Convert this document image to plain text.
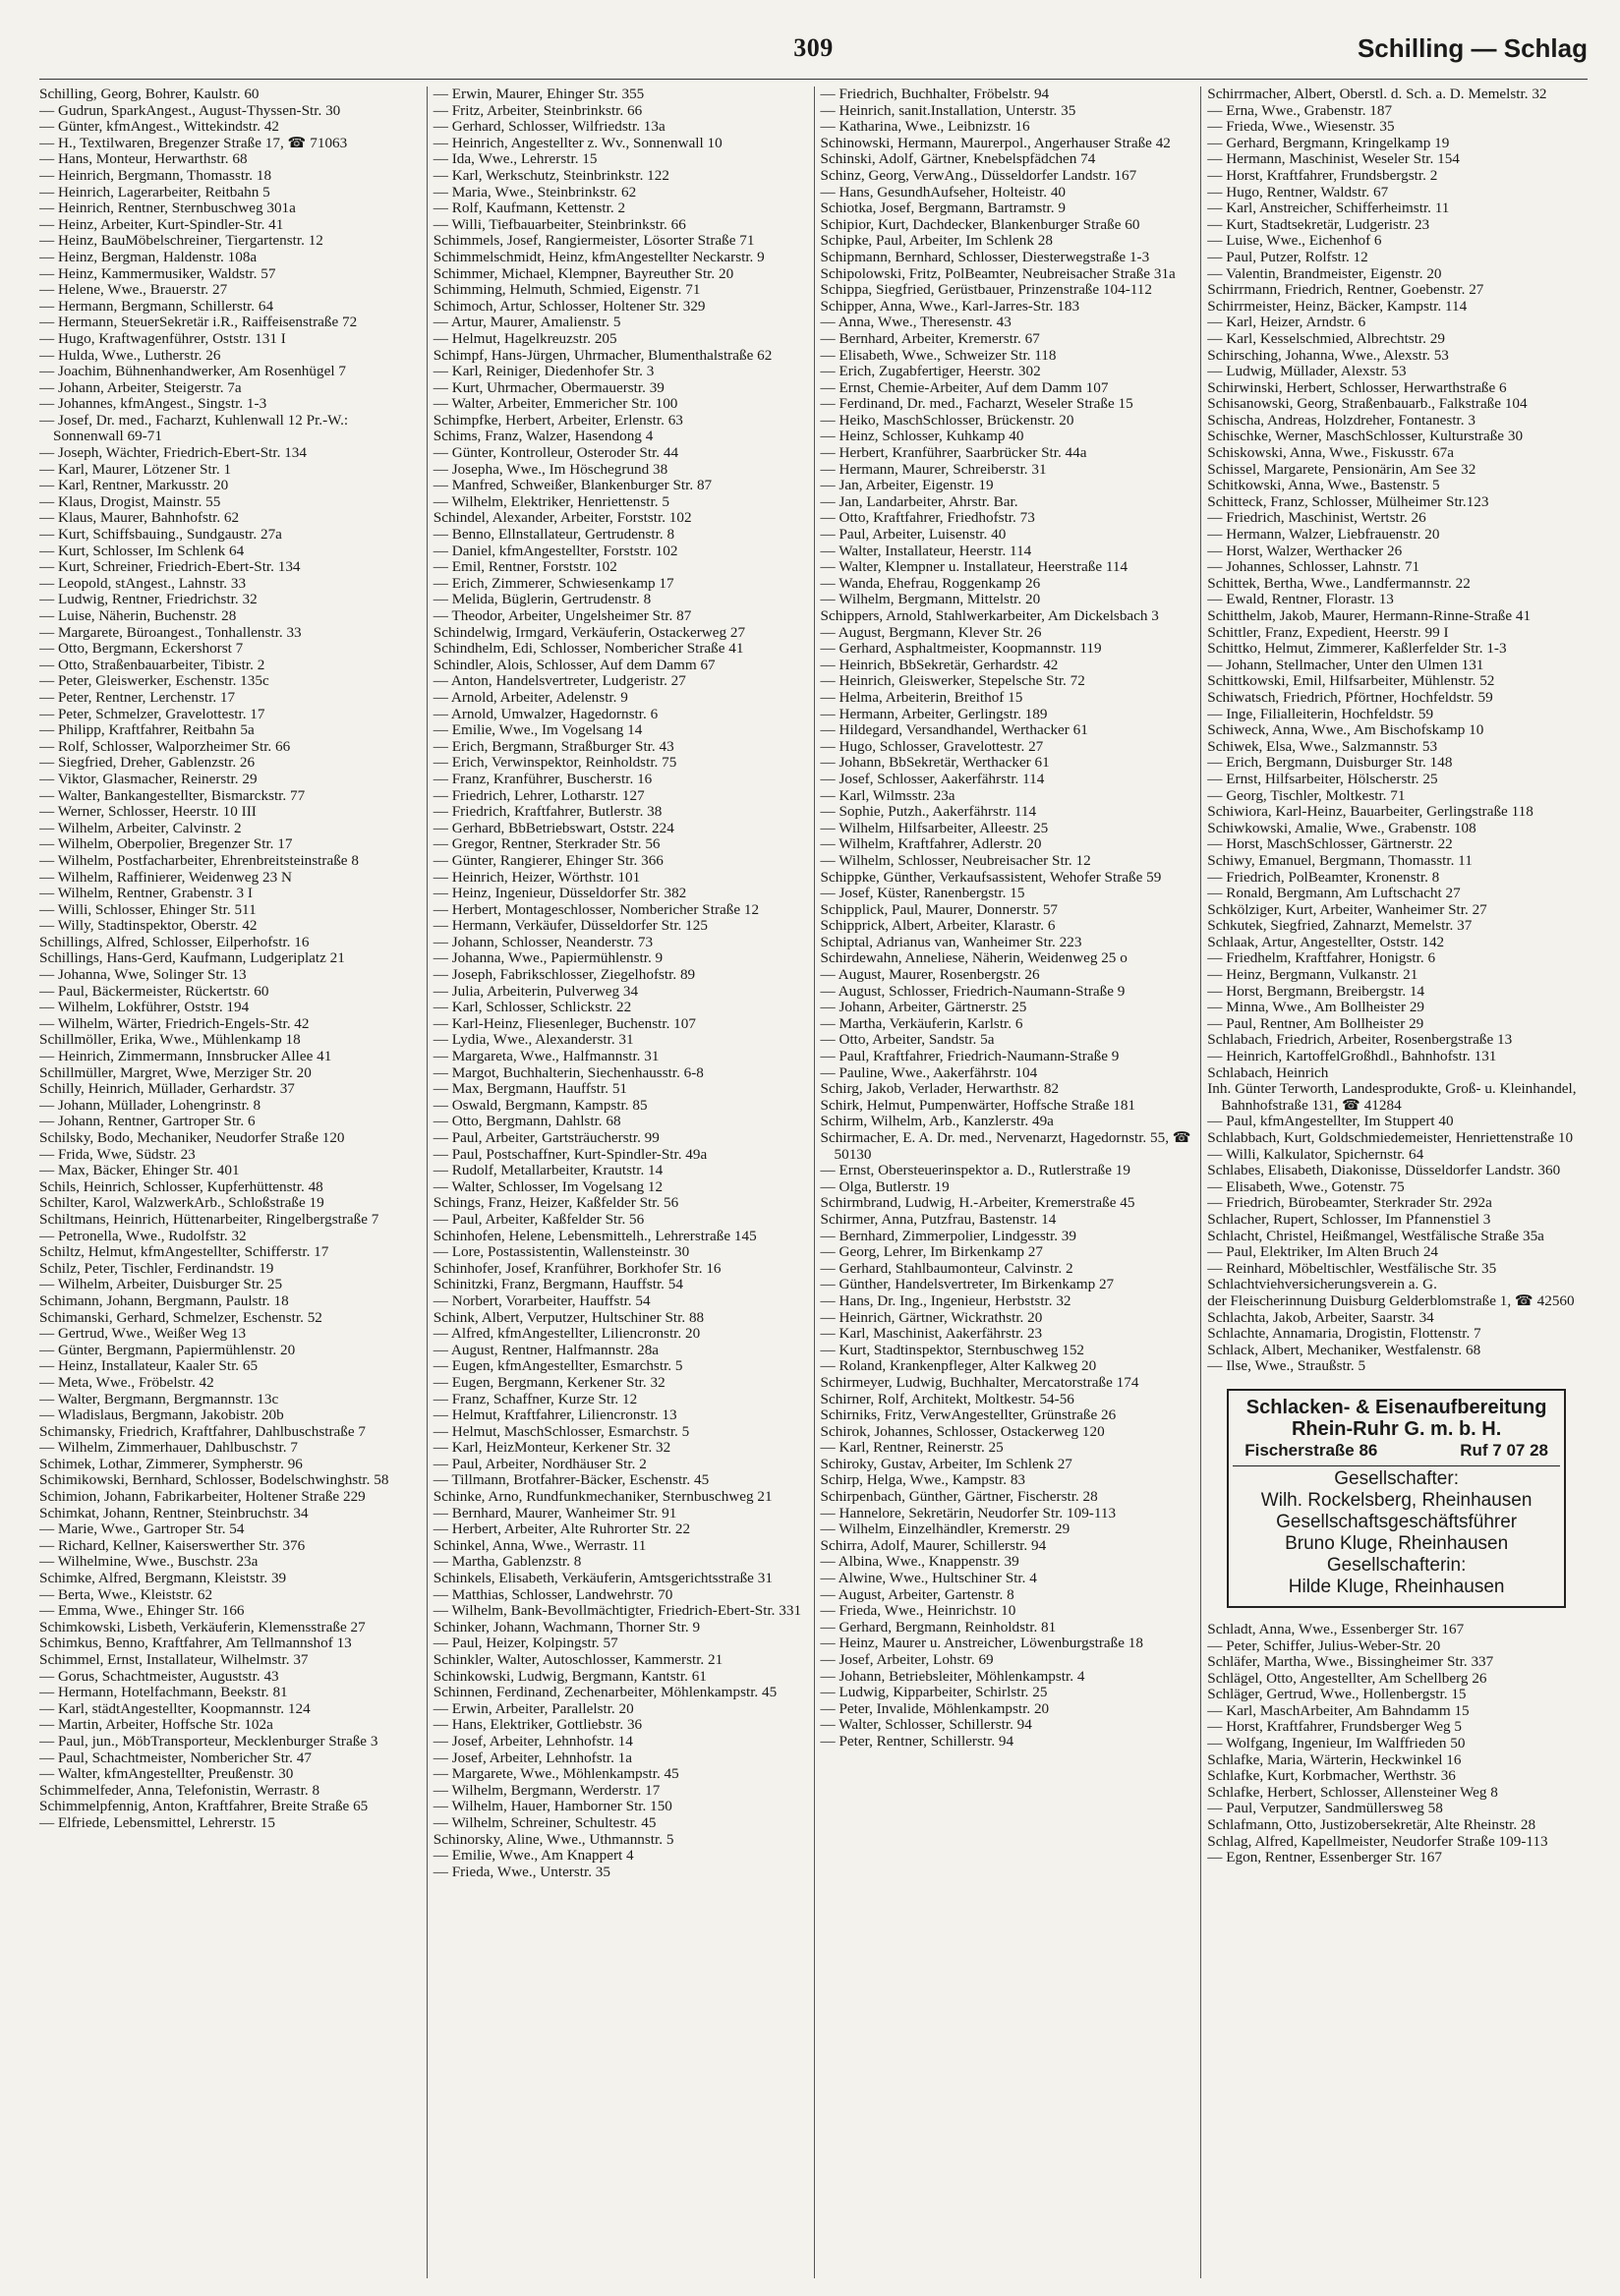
309	Schilling — Schlag
Schilling, Georg, Bohrer, Kaulstr. 60
— Gudrun, SparkAngest., August-Thyssen-Str. 30
— Günter, kfmAngest., Wittekindstr. 42
— H., Textilwaren, Bregenzer Straße 17, ☎ 71063
— Hans, Monteur, Herwarthstr. 68
— Heinrich, Bergmann, Thomasstr. 18
— Heinrich, Lagerarbeiter, Reitbahn 5
— Heinrich, Rentner, Sternbuschweg 301a
— Heinz, Arbeiter, Kurt-Spindler-Str. 41
— Heinz, BauMöbelschreiner, Tiergartenstr. 12
— Heinz, Bergman, Haldenstr. 108a
— Heinz, Kammermusiker, Waldstr. 57
— Helene, Wwe., Brauerstr. 27
— Hermann, Bergmann, Schillerstr. 64
— Hermann, SteuerSekretär i.R., Raiffeisenstraße 72
— Hugo, Kraftwagenführer, Oststr. 131 I
— Hulda, Wwe., Lutherstr. 26
— Joachim, Bühnenhandwerker, Am Rosenhügel 7
— Johann, Arbeiter, Steigerstr. 7a
— Johannes, kfmAngest., Singstr. 1-3
— Josef, Dr. med., Facharzt, Kuhlenwall 12 Pr.-W.: Sonnenwall 69-71
— Joseph, Wächter, Friedrich-Ebert-Str. 134
— Karl, Maurer, Lötzener Str. 1
— Karl, Rentner, Markusstr. 20
— Klaus, Drogist, Mainstr. 55
— Klaus, Maurer, Bahnhofstr. 62
— Kurt, Schiffsbauing., Sundgaustr. 27a
— Kurt, Schlosser, Im Schlenk 64
— Kurt, Schreiner, Friedrich-Ebert-Str. 134
— Leopold, stAngest., Lahnstr. 33
— Ludwig, Rentner, Friedrichstr. 32
— Luise, Näherin, Buchenstr. 28
— Margarete, Büroangest., Tonhallenstr. 33
— Otto, Bergmann, Eckershorst 7
— Otto, Straßenbauarbeiter, Tibistr. 2
— Peter, Gleiswerker, Eschenstr. 135c
— Peter, Rentner, Lerchenstr. 17
— Peter, Schmelzer, Gravelottestr. 17
— Philipp, Kraftfahrer, Reitbahn 5a
— Rolf, Schlosser, Walporzheimer Str. 66
— Siegfried, Dreher, Gablenzstr. 26
— Viktor, Glasmacher, Reinerstr. 29
— Walter, Bankangestellter, Bismarckstr. 77
— Werner, Schlosser, Heerstr. 10 III
— Wilhelm, Arbeiter, Calvinstr. 2
— Wilhelm, Oberpolier, Bregenzer Str. 17
— Wilhelm, Postfacharbeiter, Ehrenbreitsteinstraße 8
— Wilhelm, Raffinierer, Weidenweg 23 N
— Wilhelm, Rentner, Grabenstr. 3 I
— Willi, Schlosser, Ehinger Str. 511
— Willy, Stadtinspektor, Oberstr. 42
Schillings, Alfred, Schlosser, Eilperhofstr. 16
Schillings, Hans-Gerd, Kaufmann, Ludgeriplatz 21
— Johanna, Wwe, Solinger Str. 13
— Paul, Bäckermeister, Rückertstr. 60
— Wilhelm, Lokführer, Oststr. 194
— Wilhelm, Wärter, Friedrich-Engels-Str. 42
Schillmöller, Erika, Wwe., Mühlenkamp 18
— Heinrich, Zimmermann, Innsbrucker Allee 41
Schillmüller, Margret, Wwe, Merziger Str. 20
Schilly, Heinrich, Müllader, Gerhardstr. 37
— Johann, Müllader, Lohengrinstr. 8
— Johann, Rentner, Gartroper Str. 6
Schilsky, Bodo, Mechaniker, Neudorfer Straße 120
— Frida, Wwe, Südstr. 23
— Max, Bäcker, Ehinger Str. 401
Schils, Heinrich, Schlosser, Kupferhüttenstr. 48
Schilter, Karol, WalzwerkArb., Schloßstraße 19
Schiltmans, Heinrich, Hüttenarbeiter, Ringelbergstraße 7
— Petronella, Wwe., Rudolfstr. 32
Schiltz, Helmut, kfmAngestellter, Schifferstr. 17
Schilz, Peter, Tischler, Ferdinandstr. 19
— Wilhelm, Arbeiter, Duisburger Str. 25
Schimann, Johann, Bergmann, Paulstr. 18
Schimanski, Gerhard, Schmelzer, Eschenstr. 52
— Gertrud, Wwe., Weißer Weg 13
— Günter, Bergmann, Papiermühlenstr. 20
— Heinz, Installateur, Kaaler Str. 65
— Meta, Wwe., Fröbelstr. 42
— Walter, Bergmann, Bergmannstr. 13c
— Wladislaus, Bergmann, Jakobistr. 20b
Schimansky, Friedrich, Kraftfahrer, Dahlbuschstraße 7
— Wilhelm, Zimmerhauer, Dahlbuschstr. 7
Schimek, Lothar, Zimmerer, Sympherstr. 96
Schimikowski, Bernhard, Schlosser, Bodelschwinghstr. 58
Schimion, Johann, Fabrikarbeiter, Holtener Straße 229
Schimkat, Johann, Rentner, Steinbruchstr. 34
— Marie, Wwe., Gartroper Str. 54
— Richard, Kellner, Kaiserswerther Str. 376
— Wilhelmine, Wwe., Buschstr. 23a
Schimke, Alfred, Bergmann, Kleiststr. 39
— Berta, Wwe., Kleiststr. 62
— Emma, Wwe., Ehinger Str. 166
Schimkowski, Lisbeth, Verkäuferin, Klemensstraße 27
Schimkus, Benno, Kraftfahrer, Am Tellmannshof 13
Schimmel, Ernst, Installateur, Wilhelmstr. 37
— Gorus, Schachtmeister, Auguststr. 43
— Hermann, Hotelfachmann, Beekstr. 81
— Karl, städtAngestellter, Koopmannstr. 124
— Martin, Arbeiter, Hoffsche Str. 102a
— Paul, jun., MöbTransporteur, Mecklenburger Straße 3
— Paul, Schachtmeister, Nombericher Str. 47
— Walter, kfmAngestellter, Preußenstr. 30
Schimmelfeder, Anna, Telefonistin, Werrastr. 8
Schimmelpfennig, Anton, Kraftfahrer, Breite Straße 65
— Elfriede, Lebensmittel, Lehrerstr. 15
— Erwin, Maurer, Ehinger Str. 355
— Fritz, Arbeiter, Steinbrinkstr. 66
— Gerhard, Schlosser, Wilfriedstr. 13a
— Heinrich, Angestellter z. Wv., Sonnenwall 10
— Ida, Wwe., Lehrerstr. 15
— Karl, Werkschutz, Steinbrinkstr. 122
— Maria, Wwe., Steinbrinkstr. 62
— Rolf, Kaufmann, Kettenstr. 2
— Willi, Tiefbauarbeiter, Steinbrinkstr. 66
Schimmels, Josef, Rangiermeister, Lösorter Straße 71
Schimmelschmidt, Heinz, kfmAngestellter Neckarstr. 9
Schimmer, Michael, Klempner, Bayreuther Str. 20
Schimming, Helmuth, Schmied, Eigenstr. 71
Schimoch, Artur, Schlosser, Holtener Str. 329
— Artur, Maurer, Amalienstr. 5
— Helmut, Hagelkreuzstr. 205
Schimpf, Hans-Jürgen, Uhrmacher, Blumenthalstraße 62
— Karl, Reiniger, Diedenhofer Str. 3
— Kurt, Uhrmacher, Obermauerstr. 39
— Walter, Arbeiter, Emmericher Str. 100
Schimpfke, Herbert, Arbeiter, Erlenstr. 63
Schims, Franz, Walzer, Hasendong 4
— Günter, Kontrolleur, Osteroder Str. 44
— Josepha, Wwe., Im Höschegrund 38
— Manfred, Schweißer, Blankenburger Str. 87
— Wilhelm, Elektriker, Henriettenstr. 5
Schindel, Alexander, Arbeiter, Forststr. 102
— Benno, Ellnstallateur, Gertrudenstr. 8
— Daniel, kfmAngestellter, Forststr. 102
— Emil, Rentner, Forststr. 102
— Erich, Zimmerer, Schwiesenkamp 17
— Melida, Büglerin, Gertrudenstr. 8
— Theodor, Arbeiter, Ungelsheimer Str. 87
Schindelwig, Irmgard, Verkäuferin, Ostackerweg 27
Schindhelm, Edi, Schlosser, Nombericher Straße 41
Schindler, Alois, Schlosser, Auf dem Damm 67
— Anton, Handelsvertreter, Ludgeristr. 27
— Arnold, Arbeiter, Adelenstr. 9
— Arnold, Umwalzer, Hagedornstr. 6
— Emilie, Wwe., Im Vogelsang 14
— Erich, Bergmann, Straßburger Str. 43
— Erich, Verwinspektor, Reinholdstr. 75
— Franz, Kranführer, Buscherstr. 16
— Friedrich, Lehrer, Lotharstr. 127
— Friedrich, Kraftfahrer, Butlerstr. 38
— Gerhard, BbBetriebswart, Oststr. 224
— Gregor, Rentner, Sterkrader Str. 56
— Günter, Rangierer, Ehinger Str. 366
— Heinrich, Heizer, Wörthstr. 101
— Heinz, Ingenieur, Düsseldorfer Str. 382
— Herbert, Montageschlosser, Nombericher Straße 12
— Hermann, Verkäufer, Düsseldorfer Str. 125
— Johann, Schlosser, Neanderstr. 73
— Johanna, Wwe., Papiermühlenstr. 9
— Joseph, Fabrikschlosser, Ziegelhofstr. 89
— Julia, Arbeiterin, Pulverweg 34
— Karl, Schlosser, Schlickstr. 22
— Karl-Heinz, Fliesenleger, Buchenstr. 107
— Lydia, Wwe., Alexanderstr. 31
— Margareta, Wwe., Halfmannstr. 31
— Margot, Buchhalterin, Siechenhausstr. 6-8
— Max, Bergmann, Hauffstr. 51
— Oswald, Bergmann, Kampstr. 85
— Otto, Bergmann, Dahlstr. 68
— Paul, Arbeiter, Gartsträucherstr. 99
— Paul, Postschaffner, Kurt-Spindler-Str. 49a
— Rudolf, Metallarbeiter, Krautstr. 14
— Walter, Schlosser, Im Vogelsang 12
Schings, Franz, Heizer, Kaßfelder Str. 56
— Paul, Arbeiter, Kaßfelder Str. 56
Schinhofen, Helene, Lebensmittelh., Lehrerstraße 145
— Lore, Postassistentin, Wallensteinstr. 30
Schinhofer, Josef, Kranführer, Borkhofer Str. 16
Schinitzki, Franz, Bergmann, Hauffstr. 54
— Norbert, Vorarbeiter, Hauffstr. 54
Schink, Albert, Verputzer, Hultschiner Str. 88
— Alfred, kfmAngestellter, Liliencronstr. 20
— August, Rentner, Halfmannstr. 28a
— Eugen, kfmAngestellter, Esmarchstr. 5
— Eugen, Bergmann, Kerkener Str. 32
— Franz, Schaffner, Kurze Str. 12
— Helmut, Kraftfahrer, Liliencronstr. 13
— Helmut, MaschSchlosser, Esmarchstr. 5
— Karl, HeizMonteur, Kerkener Str. 32
— Paul, Arbeiter, Nordhäuser Str. 2
— Tillmann, Brotfahrer-Bäcker, Eschenstr. 45
Schinke, Arno, Rundfunkmechaniker, Sternbuschweg 21
— Bernhard, Maurer, Wanheimer Str. 91
— Herbert, Arbeiter, Alte Ruhrorter Str. 22
Schinkel, Anna, Wwe., Werrastr. 11
— Martha, Gablenzstr. 8
Schinkels, Elisabeth, Verkäuferin, Amtsgerichtsstraße 31
— Matthias, Schlosser, Landwehrstr. 70
— Wilhelm, Bank-Bevollmächtigter, Friedrich-Ebert-Str. 331
Schinker, Johann, Wachmann, Thorner Str. 9
— Paul, Heizer, Kolpingstr. 57
Schinkler, Walter, Autoschlosser, Kammerstr. 21
Schinkowski, Ludwig, Bergmann, Kantstr. 61
Schinnen, Ferdinand, Zechenarbeiter, Möhlenkampstr. 45
— Erwin, Arbeiter, Parallelstr. 20
— Hans, Elektriker, Gottliebstr. 36
— Josef, Arbeiter, Lehnhofstr. 14
— Josef, Arbeiter, Lehnhofstr. 1a
— Margarete, Wwe., Möhlenkampstr. 45
— Wilhelm, Bergmann, Werderstr. 17
— Wilhelm, Hauer, Hamborner Str. 150
— Wilhelm, Schreiner, Schultestr. 45
Schinorsky, Aline, Wwe., Uthmannstr. 5
— Emilie, Wwe., Am Knappert 4
— Frieda, Wwe., Unterstr. 35
— Friedrich, Buchhalter, Fröbelstr. 94
— Heinrich, sanit.Installation, Unterstr. 35
— Katharina, Wwe., Leibnizstr. 16
Schinowski, Hermann, Maurerpol., Angerhauser Straße 42
Schinski, Adolf, Gärtner, Knebelspfädchen 74
Schinz, Georg, VerwAng., Düsseldorfer Landstr. 167
— Hans, GesundhAufseher, Holteistr. 40
Schiotka, Josef, Bergmann, Bartramstr. 9
Schipior, Kurt, Dachdecker, Blankenburger Straße 60
Schipke, Paul, Arbeiter, Im Schlenk 28
Schipmann, Bernhard, Schlosser, Diesterwegstraße 1-3
Schipolowski, Fritz, PolBeamter, Neubreisacher Straße 31a
Schippa, Siegfried, Gerüstbauer, Prinzenstraße 104-112
Schipper, Anna, Wwe., Karl-Jarres-Str. 183
— Anna, Wwe., Theresenstr. 43
— Bernhard, Arbeiter, Kremerstr. 67
— Elisabeth, Wwe., Schweizer Str. 118
— Erich, Zugabfertiger, Heerstr. 302
— Ernst, Chemie-Arbeiter, Auf dem Damm 107
— Ferdinand, Dr. med., Facharzt, Weseler Straße 15
— Heiko, MaschSchlosser, Brückenstr. 20
— Heinz, Schlosser, Kuhkamp 40
— Herbert, Kranführer, Saarbrücker Str. 44a
— Hermann, Maurer, Schreiberstr. 31
— Jan, Arbeiter, Eigenstr. 19
— Jan, Landarbeiter, Ahrstr. Bar.
— Otto, Kraftfahrer, Friedhofstr. 73
— Paul, Arbeiter, Luisenstr. 40
— Walter, Installateur, Heerstr. 114
— Walter, Klempner u. Installateur, Heerstraße 114
— Wanda, Ehefrau, Roggenkamp 26
— Wilhelm, Bergmann, Mittelstr. 20
Schippers, Arnold, Stahlwerkarbeiter, Am Dickelsbach 3
— August, Bergmann, Klever Str. 26
— Gerhard, Asphaltmeister, Koopmannstr. 119
— Heinrich, BbSekretär, Gerhardstr. 42
— Heinrich, Gleiswerker, Stepelsche Str. 72
— Helma, Arbeiterin, Breithof 15
— Hermann, Arbeiter, Gerlingstr. 189
— Hildegard, Versandhandel, Werthacker 61
— Hugo, Schlosser, Gravelottestr. 27
— Johann, BbSekretär, Werthacker 61
— Josef, Schlosser, Aakerfährstr. 114
— Karl, Wilmsstr. 23a
— Sophie, Putzh., Aakerfährstr. 114
— Wilhelm, Hilfsarbeiter, Alleestr. 25
— Wilhelm, Kraftfahrer, Adlerstr. 20
— Wilhelm, Schlosser, Neubreisacher Str. 12
Schippke, Günther, Verkaufsassistent, Wehofer Straße 59
— Josef, Küster, Ranenbergstr. 15
Schipplick, Paul, Maurer, Donnerstr. 57
Schipprick, Albert, Arbeiter, Klarastr. 6
Schiptal, Adrianus van, Wanheimer Str. 223
Schirdewahn, Anneliese, Näherin, Weidenweg 25 o
— August, Maurer, Rosenbergstr. 26
— August, Schlosser, Friedrich-Naumann-Straße 9
— Johann, Arbeiter, Gärtnerstr. 25
— Martha, Verkäuferin, Karlstr. 6
— Otto, Arbeiter, Sandstr. 5a
— Paul, Kraftfahrer, Friedrich-Naumann-Straße 9
— Pauline, Wwe., Aakerfährstr. 104
Schirg, Jakob, Verlader, Herwarthstr. 82
Schirk, Helmut, Pumpenwärter, Hoffsche Straße 181
Schirm, Wilhelm, Arb., Kanzlerstr. 49a
Schirmacher, E. A. Dr. med., Nervenarzt, Hagedornstr. 55, ☎ 50130
— Ernst, Obersteuerinspektor a. D., Rutlerstraße 19
— Olga, Butlerstr. 19
Schirmbrand, Ludwig, H.-Arbeiter, Kremerstraße 45
Schirmer, Anna, Putzfrau, Bastenstr. 14
— Bernhard, Zimmerpolier, Lindgesstr. 39
— Georg, Lehrer, Im Birkenkamp 27
— Gerhard, Stahlbaumonteur, Calvinstr. 2
— Günther, Handelsvertreter, Im Birkenkamp 27
— Hans, Dr. Ing., Ingenieur, Herbststr. 32
— Heinrich, Gärtner, Wickrathstr. 20
— Karl, Maschinist, Aakerfährstr. 23
— Kurt, Stadtinspektor, Sternbuschweg 152
— Roland, Krankenpfleger, Alter Kalkweg 20
Schirmeyer, Ludwig, Buchhalter, Mercatorstraße 174
Schirner, Rolf, Architekt, Moltkestr. 54-56
Schirniks, Fritz, VerwAngestellter, Grünstraße 26
Schirok, Johannes, Schlosser, Ostackerweg 120
— Karl, Rentner, Reinerstr. 25
Schiroky, Gustav, Arbeiter, Im Schlenk 27
Schirp, Helga, Wwe., Kampstr. 83
Schirpenbach, Günther, Gärtner, Fischerstr. 28
— Hannelore, Sekretärin, Neudorfer Str. 109-113
— Wilhelm, Einzelhändler, Kremerstr. 29
Schirra, Adolf, Maurer, Schillerstr. 94
— Albina, Wwe., Knappenstr. 39
— Alwine, Wwe., Hultschiner Str. 4
— August, Arbeiter, Gartenstr. 8
— Frieda, Wwe., Heinrichstr. 10
— Gerhard, Bergmann, Reinholdstr. 81
— Heinz, Maurer u. Anstreicher, Löwenburgstraße 18
— Josef, Arbeiter, Lohstr. 69
— Johann, Betriebsleiter, Möhlenkampstr. 4
— Ludwig, Kipparbeiter, Schirlstr. 25
— Peter, Invalide, Möhlenkampstr. 20
— Walter, Schlosser, Schillerstr. 94
— Peter, Rentner, Schillerstr. 94
Schirrmacher, Albert, Oberstl. d. Sch. a. D. Memelstr. 32
— Erna, Wwe., Grabenstr. 187
— Frieda, Wwe., Wiesenstr. 35
— Gerhard, Bergmann, Kringelkamp 19
— Hermann, Maschinist, Weseler Str. 154
— Horst, Kraftfahrer, Frundsbergstr. 2
— Hugo, Rentner, Waldstr. 67
— Karl, Anstreicher, Schifferheimstr. 11
— Kurt, Stadtsekretär, Ludgeristr. 23
— Luise, Wwe., Eichenhof 6
— Paul, Putzer, Rolfstr. 12
— Valentin, Brandmeister, Eigenstr. 20
Schirrmann, Friedrich, Rentner, Goebenstr. 27
Schirrmeister, Heinz, Bäcker, Kampstr. 114
— Karl, Heizer, Arndstr. 6
— Karl, Kesselschmied, Albrechtstr. 29
Schirsching, Johanna, Wwe., Alexstr. 53
— Ludwig, Müllader, Alexstr. 53
Schirwinski, Herbert, Schlosser, Herwarthstraße 6
Schisanowski, Georg, Straßenbauarb., Falkstraße 104
Schischa, Andreas, Holzdreher, Fontanestr. 3
Schischke, Werner, MaschSchlosser, Kulturstraße 30
Schiskowski, Anna, Wwe., Fiskusstr. 67a
Schissel, Margarete, Pensionärin, Am See 32
Schitkowski, Anna, Wwe., Bastenstr. 5
Schitteck, Franz, Schlosser, Mülheimer Str.123
— Friedrich, Maschinist, Wertstr. 26
— Hermann, Walzer, Liebfrauenstr. 20
— Horst, Walzer, Werthacker 26
— Johannes, Schlosser, Lahnstr. 71
Schittek, Bertha, Wwe., Landfermannstr. 22
— Ewald, Rentner, Florastr. 13
Schitthelm, Jakob, Maurer, Hermann-Rinne-Straße 41
Schittler, Franz, Expedient, Heerstr. 99 I
Schittko, Helmut, Zimmerer, Kaßlerfelder Str. 1-3
— Johann, Stellmacher, Unter den Ulmen 131
Schittkowski, Emil, Hilfsarbeiter, Mühlenstr. 52
Schiwatsch, Friedrich, Pförtner, Hochfeldstr. 59
— Inge, Filialleiterin, Hochfeldstr. 59
Schiweck, Anna, Wwe., Am Bischofskamp 10
Schiwek, Elsa, Wwe., Salzmannstr. 53
— Erich, Bergmann, Duisburger Str. 148
— Ernst, Hilfsarbeiter, Hölscherstr. 25
— Georg, Tischler, Moltkestr. 71
Schiwiora, Karl-Heinz, Bauarbeiter, Gerlingstraße 118
Schiwkowski, Amalie, Wwe., Grabenstr. 108
— Horst, MaschSchlosser, Gärtnerstr. 22
Schiwy, Emanuel, Bergmann, Thomasstr. 11
— Friedrich, PolBeamter, Kronenstr. 8
— Ronald, Bergmann, Am Luftschacht 27
Schkölziger, Kurt, Arbeiter, Wanheimer Str. 27
Schkutek, Siegfried, Zahnarzt, Memelstr. 37
Schlaak, Artur, Angestellter, Oststr. 142
— Friedhelm, Kraftfahrer, Honigstr. 6
— Heinz, Bergmann, Vulkanstr. 21
— Horst, Bergmann, Breibergstr. 14
— Minna, Wwe., Am Bollheister 29
— Paul, Rentner, Am Bollheister 29
Schlabach, Friedrich, Arbeiter, Rosenbergstraße 13
— Heinrich, KartoffelGroßhdl., Bahnhofstr. 131
Schlabach, Heinrich
Inh. Günter Terworth, Landesprodukte, Groß- u. Kleinhandel, Bahnhofstraße 131, ☎ 41284
— Paul, kfmAngestellter, Im Stuppert 40
Schlabbach, Kurt, Goldschmiedemeister, Henriettenstraße 10
— Willi, Kalkulator, Spichernstr. 64
Schlabes, Elisabeth, Diakonisse, Düsseldorfer Landstr. 360
— Elisabeth, Wwe., Gotenstr. 75
— Friedrich, Bürobeamter, Sterkrader Str. 292a
Schlacher, Rupert, Schlosser, Im Pfannenstiel 3
Schlacht, Christel, Heißmangel, Westfälische Straße 35a
— Paul, Elektriker, Im Alten Bruch 24
— Reinhard, Möbeltischler, Westfälische Str. 35
Schlachtviehversicherungsverein a. G.
der Fleischerinnung Duisburg Gelderblomstraße 1, ☎ 42560
Schlachta, Jakob, Arbeiter, Saarstr. 34
Schlachte, Annamaria, Drogistin, Flottenstr. 7
Schlack, Albert, Mechaniker, Westfalenstr. 68
— Ilse, Wwe., Straußstr. 5
Schlacken- & Eisenaufbereitung
Rhein-Ruhr G. m. b. H.
Fischerstraße 86	Ruf 7 07 28
Gesellschafter:
Wilh. Rockelsberg, Rheinhausen
Gesellschaftsgeschäftsführer
Bruno Kluge, Rheinhausen
Gesellschafterin:
Hilde Kluge, Rheinhausen
Schladt, Anna, Wwe., Essenberger Str. 167
— Peter, Schiffer, Julius-Weber-Str. 20
Schläfer, Martha, Wwe., Bissingheimer Str. 337
Schlägel, Otto, Angestellter, Am Schellberg 26
Schläger, Gertrud, Wwe., Hollenbergstr. 15
— Karl, MaschArbeiter, Am Bahndamm 15
— Horst, Kraftfahrer, Frundsberger Weg 5
— Wolfgang, Ingenieur, Im Walffrieden 50
Schlafke, Maria, Wärterin, Heckwinkel 16
Schlafke, Kurt, Korbmacher, Werthstr. 36
Schlafke, Herbert, Schlosser, Allensteiner Weg 8
— Paul, Verputzer, Sandmüllersweg 58
Schlafmann, Otto, Justizobersekretär, Alte Rheinstr. 28
Schlag, Alfred, Kapellmeister, Neudorfer Straße 109-113
— Egon, Rentner, Essenberger Str. 167
